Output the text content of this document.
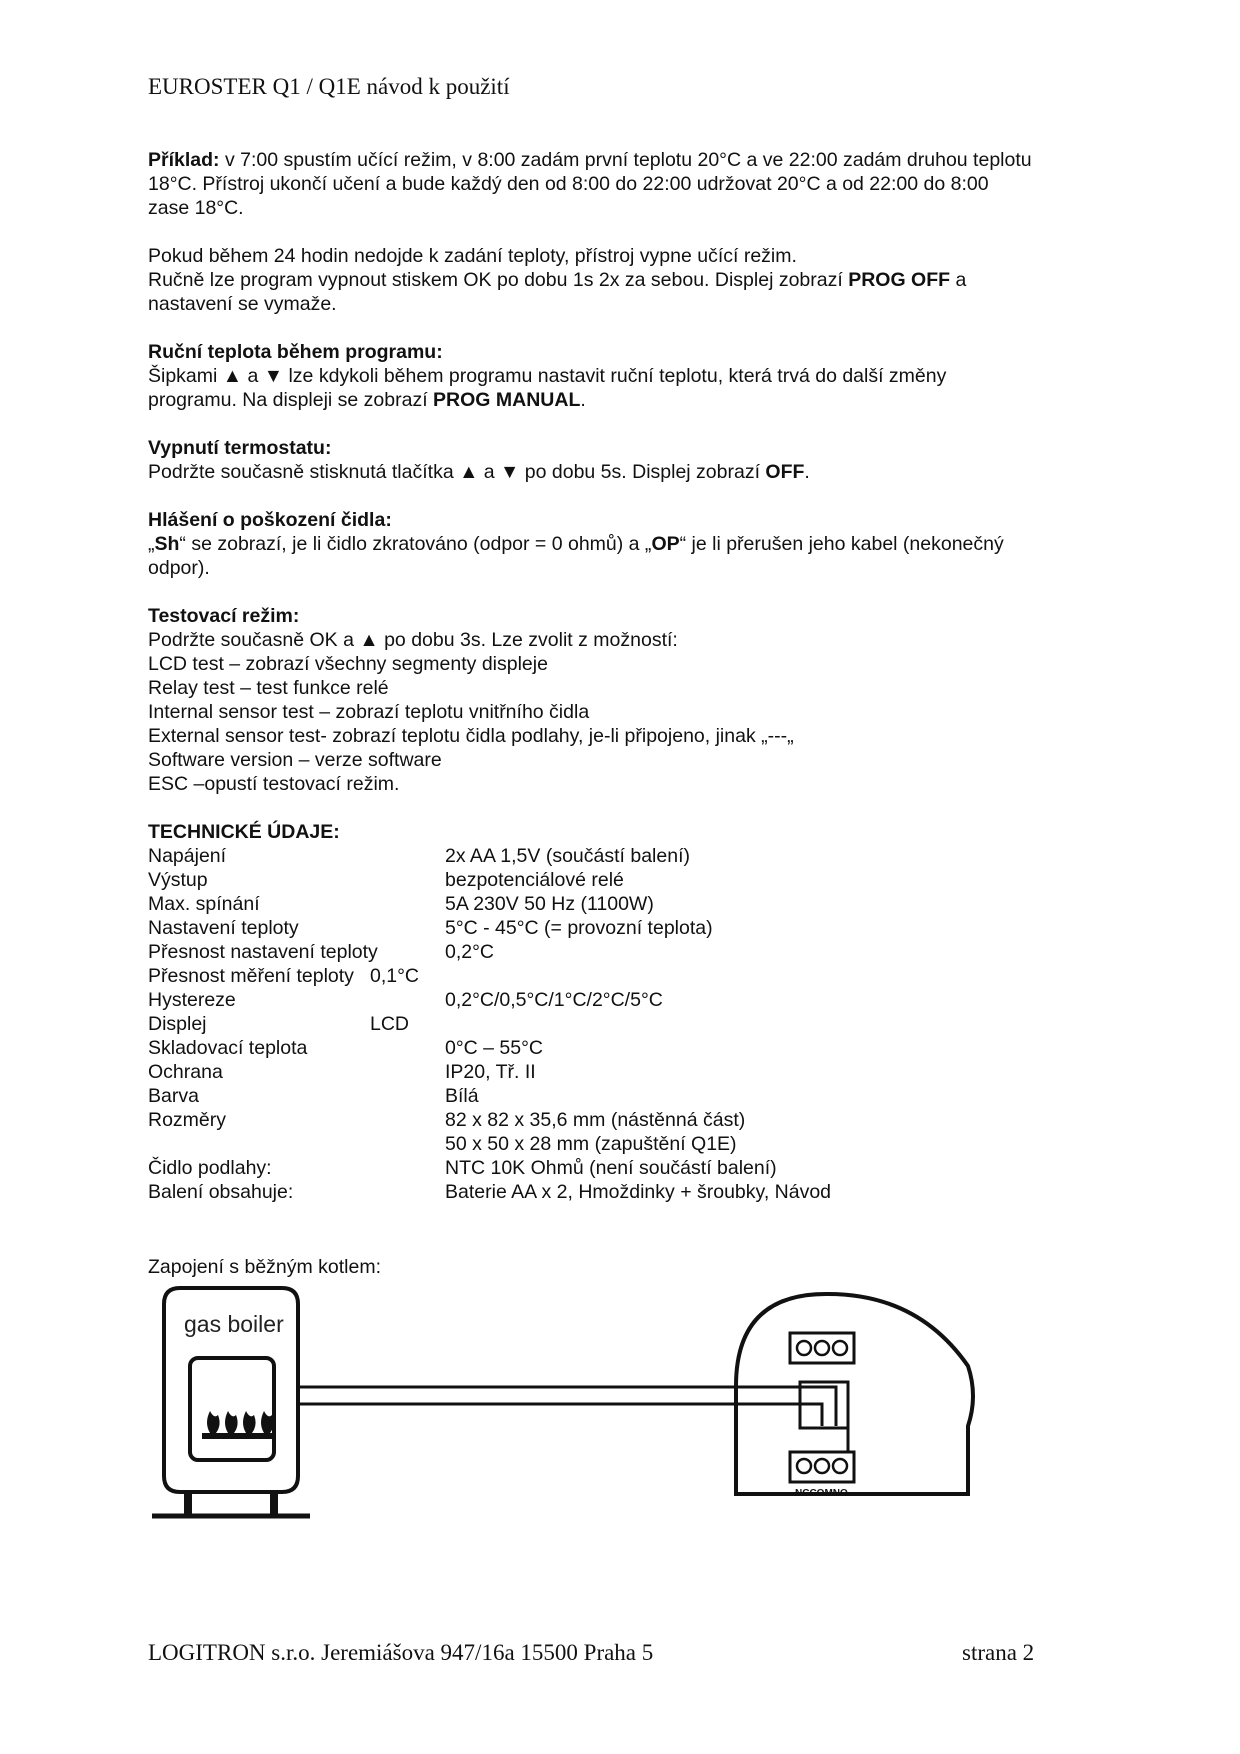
EUROSTER Q1 / Q1E návod k použití
Příklad: v 7:00 spustím učící režim, v 8:00 zadám první teplotu 20°C a ve 22:00 zadám druhou teplotu
18°C. Přístroj ukončí učení a bude každý den od 8:00 do 22:00 udržovat 20°C a od 22:00 do 8:00
zase 18°C.
Pokud během 24 hodin nedojde k zadání teploty, přístroj vypne učící režim.
Ručně lze program vypnout stiskem OK po dobu 1s 2x za sebou. Displej zobrazí PROG OFF a
nastavení se vymaže.
Ruční teplota během programu:
Šipkami ▲ a ▼ lze kdykoli během programu nastavit ruční teplotu, která trvá do další změny
programu. Na displeji se zobrazí PROG MANUAL.
Vypnutí termostatu:
Podržte současně stisknutá tlačítka ▲ a ▼ po dobu 5s. Displej zobrazí OFF.
Hlášení o poškození čidla:
„Sh“ se zobrazí, je li čidlo zkratováno (odpor = 0 ohmů) a „OP“ je li přerušen jeho kabel (nekonečný
odpor).
Testovací režim:
Podržte současně OK a ▲ po dobu 3s. Lze zvolit z možností:
LCD test – zobrazí všechny segmenty displeje
Relay test – test funkce relé
Internal sensor test – zobrazí teplotu vnitřního čidla
External sensor test- zobrazí teplotu čidla podlahy, je-li připojeno, jinak „---„
Software version – verze software
ESC –opustí testovací režim.
TECHNICKÉ ÚDAJE:
Napájení	2x AA 1,5V (součástí balení)
Výstup	bezpotenciálové relé
Max. spínání	5A 230V 50 Hz (1100W)
Nastavení teploty	5°C - 45°C (= provozní teplota)
Přesnost nastavení teploty	0,2°C
Přesnost měření teploty 0,1°C
Hystereze	0,2°C/0,5°C/1°C/2°C/5°C
Displej	LCD
Skladovací teplota	0°C – 55°C
Ochrana	IP20, Tř. II
Barva	Bílá
Rozměry	82 x 82 x 35,6 mm (nástěnná část)
50 x 50 x 28 mm (zapuštění Q1E)
Čidlo podlahy:	NTC 10K Ohmů (není součástí balení)
Balení obsahuje:	Baterie AA x 2, Hmoždinky + šroubky, Návod
Zapojení s běžným kotlem:
gas boiler
NCCOMNO
LOGITRON s.r.o. Jeremiášova 947/16a 15500 Praha 5	strana 2
